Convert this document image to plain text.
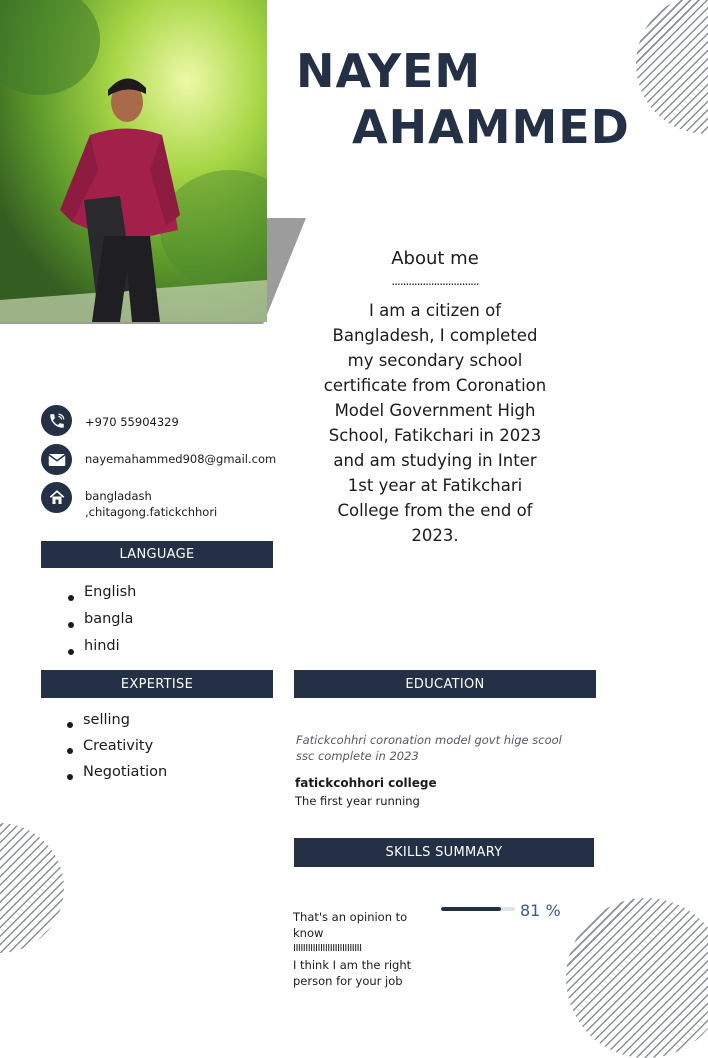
NAYEM
AHAMMED
About me
...............................
I am a citizen of Bangladesh, I completed my secondary school certificate from Coronation Model Government High School, Fatikchari in 2023 and am studying in Inter 1st year at Fatikchari College from the end of 2023.
+970 55904329
nayemahammed908@gmail.com
bangladash
,chitagong.fatickchhori
LANGUAGE
English
bangla
hindi
EXPERTISE
selling
Creativity
Negotiation
EDUCATION
Fatickcohhri coronation model govt hige scool
ssc complete in 2023
fatickcohhori college
The first year running
SKILLS SUMMARY
81 %
That's an opinion to know
IIIIIIIIIIIIIIIIIIIIIIIIIIII
I think I am the right person for your job
